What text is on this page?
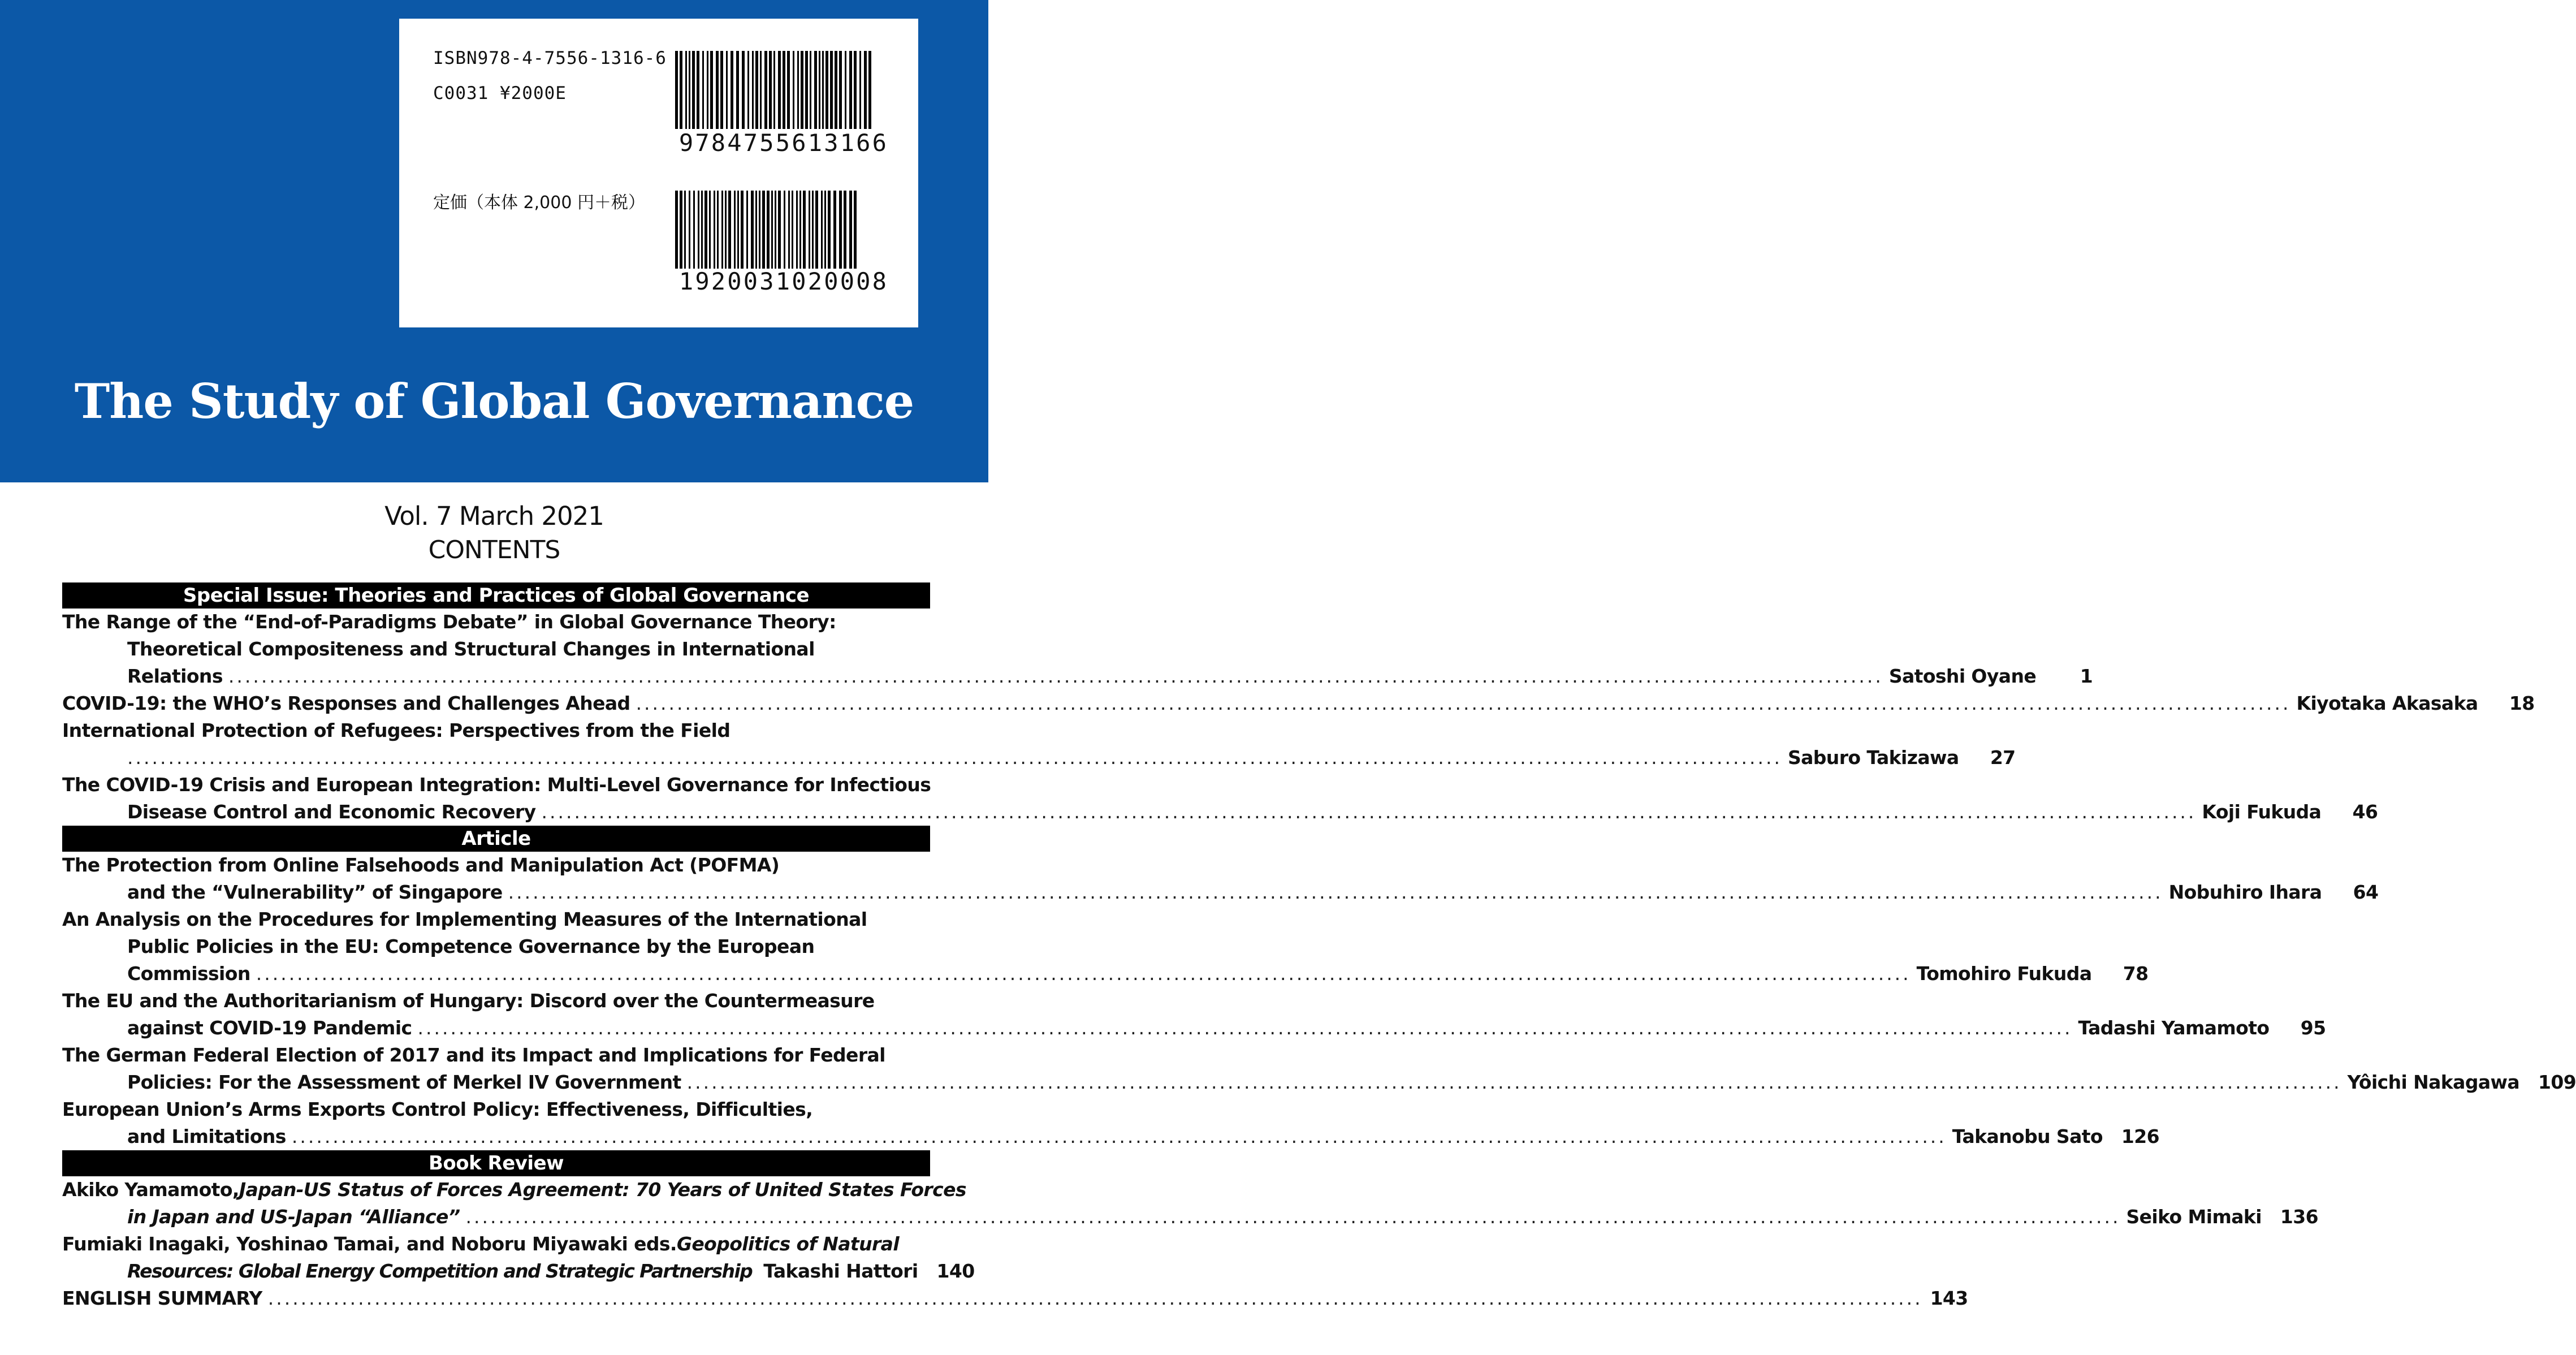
ISBN978-4-7556-1316-6
C0031 ¥2000E
定価（本体 2,000 円＋税）
9784755613166
1920031020008
The Study of Global Governance
Vol. 7 March 2021
CONTENTS
Special Issue: Theories and Practices of Global Governance
The Range of the “End-of-Paradigms Debate” in Global Governance Theory:
Theoretical Compositeness and Structural Changes in International
Relations .....	Satoshi Oyane	1
COVID-19: the WHO’s Responses and Challenges Ahead .....	Kiyotaka Akasaka	18
International Protection of Refugees: Perspectives from the Field
.....
Saburo Takizawa	27
The COVID-19 Crisis and European Integration: Multi-Level Governance for Infectious
Disease Control and Economic Recovery .....	Koji Fukuda	46
Article
The Protection from Online Falsehoods and Manipulation Act (POFMA)
and the “Vulnerability” of Singapore .....	Nobuhiro Ihara	64
An Analysis on the Procedures for Implementing Measures of the International
Public Policies in the EU: Competence Governance by the European
Commission .....	Tomohiro Fukuda	78
The EU and the Authoritarianism of Hungary: Discord over the Countermeasure
against COVID-19 Pandemic .....	Tadashi Yamamoto	95
The German Federal Election of 2017 and its Impact and Implications for Federal
Policies: For the Assessment of Merkel IV Government .....	Yôichi Nakagawa 109
European Union’s Arms Exports Control Policy: Effectiveness, Difficulties,
and Limitations .....	Takanobu Sato 126
Book Review
Akiko Yamamoto, Japan-US Status of Forces Agreement: 70 Years of United States Forces
in Japan and US-Japan “Alliance” .....	Seiko Mimaki 136
Fumiaki Inagaki, Yoshinao Tamai, and Noboru Miyawaki eds. Geopolitics of Natural
Resources: Global Energy Competition and Strategic Partnership Takashi Hattori 140
ENGLISH SUMMARY .....	143
